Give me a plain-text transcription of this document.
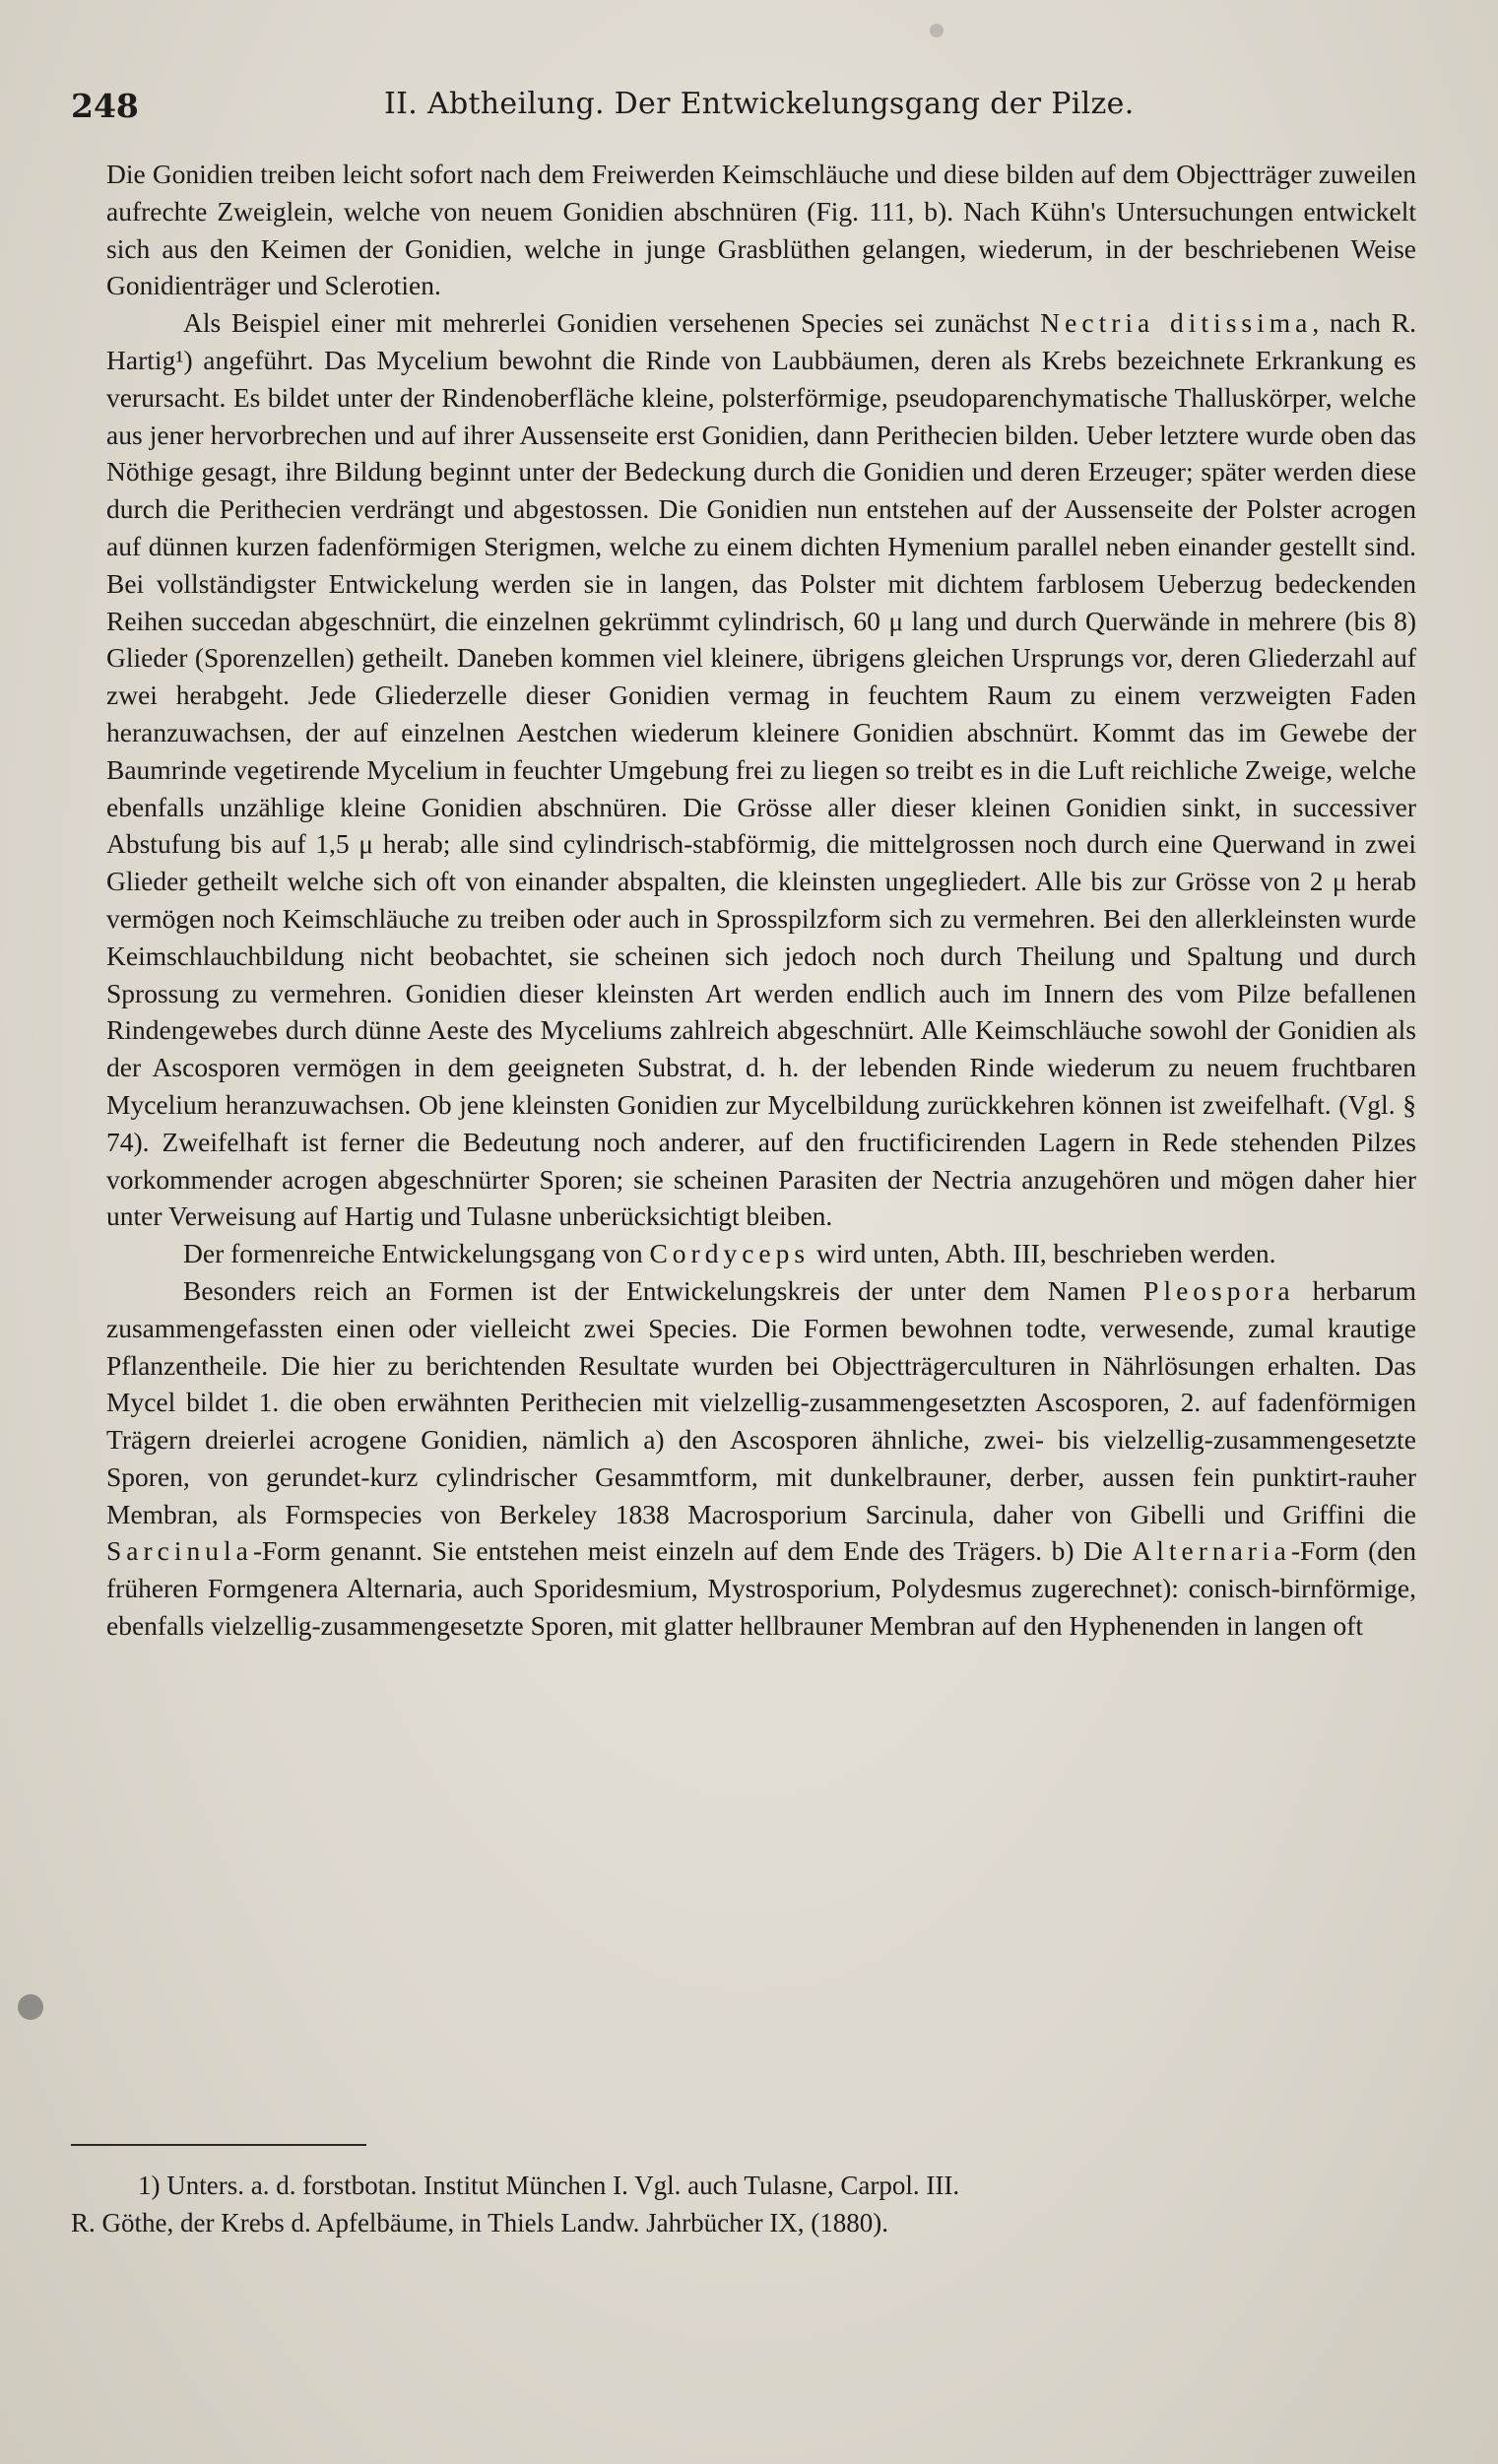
248	II. Abtheilung. Der Entwickelungsgang der Pilze.

Die Gonidien treiben leicht sofort nach dem Freiwerden Keimschläuche und diese bilden auf dem Objectträger zuweilen aufrechte Zweiglein, welche von neuem Gonidien abschnüren (Fig. 111, b). Nach Kühn's Untersuchungen entwickelt sich aus den Keimen der Gonidien, welche in junge Grasblüthen gelangen, wiederum, in der beschriebenen Weise Gonidienträger und Sclerotien.

Als Beispiel einer mit mehrerlei Gonidien versehenen Species sei zunächst Nectria ditissima, nach R. Hartig¹) angeführt. Das Mycelium bewohnt die Rinde von Laubbäumen, deren als Krebs bezeichnete Erkrankung es verursacht. Es bildet unter der Rindenoberfläche kleine, polsterförmige, pseudoparenchymatische Thalluskörper, welche aus jener hervorbrechen und auf ihrer Aussenseite erst Gonidien, dann Perithecien bilden. Ueber letztere wurde oben das Nöthige gesagt, ihre Bildung beginnt unter der Bedeckung durch die Gonidien und deren Erzeuger; später werden diese durch die Perithecien verdrängt und abgestossen. Die Gonidien nun entstehen auf der Aussenseite der Polster acrogen auf dünnen kurzen fadenförmigen Sterigmen, welche zu einem dichten Hymenium parallel neben einander gestellt sind. Bei vollständigster Entwickelung werden sie in langen, das Polster mit dichtem farblosem Ueberzug bedeckenden Reihen succedan abgeschnürt, die einzelnen gekrümmt cylindrisch, 60 μ lang und durch Querwände in mehrere (bis 8) Glieder (Sporenzellen) getheilt. Daneben kommen viel kleinere, übrigens gleichen Ursprungs vor, deren Gliederzahl auf zwei herabgeht. Jede Gliederzelle dieser Gonidien vermag in feuchtem Raum zu einem verzweigten Faden heranzuwachsen, der auf einzelnen Aestchen wiederum kleinere Gonidien abschnürt. Kommt das im Gewebe der Baumrinde vegetirende Mycelium in feuchter Umgebung frei zu liegen so treibt es in die Luft reichliche Zweige, welche ebenfalls unzählige kleine Gonidien abschnüren. Die Grösse aller dieser kleinen Gonidien sinkt, in successiver Abstufung bis auf 1,5 μ herab; alle sind cylindrisch-stabförmig, die mittelgrossen noch durch eine Querwand in zwei Glieder getheilt welche sich oft von einander abspalten, die kleinsten ungegliedert. Alle bis zur Grösse von 2 μ herab vermögen noch Keimschläuche zu treiben oder auch in Sprosspilzform sich zu vermehren. Bei den allerkleinsten wurde Keimschlauchbildung nicht beobachtet, sie scheinen sich jedoch noch durch Theilung und Spaltung und durch Sprossung zu vermehren. Gonidien dieser kleinsten Art werden endlich auch im Innern des vom Pilze befallenen Rindengewebes durch dünne Aeste des Myceliums zahlreich abgeschnürt. Alle Keimschläuche sowohl der Gonidien als der Ascosporen vermögen in dem geeigneten Substrat, d. h. der lebenden Rinde wiederum zu neuem fruchtbaren Mycelium heranzuwachsen. Ob jene kleinsten Gonidien zur Mycelbildung zurückkehren können ist zweifelhaft. (Vgl. § 74). Zweifelhaft ist ferner die Bedeutung noch anderer, auf den fructificirenden Lagern in Rede stehenden Pilzes vorkommender acrogen abgeschnürter Sporen; sie scheinen Parasiten der Nectria anzugehören und mögen daher hier unter Verweisung auf Hartig und Tulasne unberücksichtigt bleiben.

Der formenreiche Entwickelungsgang von Cordyceps wird unten, Abth. III, beschrieben werden.

Besonders reich an Formen ist der Entwickelungskreis der unter dem Namen Pleospora herbarum zusammengefassten einen oder vielleicht zwei Species. Die Formen bewohnen todte, verwesende, zumal krautige Pflanzentheile. Die hier zu berichtenden Resultate wurden bei Objectträgerculturen in Nährlösungen erhalten. Das Mycel bildet 1. die oben erwähnten Perithecien mit vielzellig-zusammengesetzten Ascosporen, 2. auf fadenförmigen Trägern dreierlei acrogene Gonidien, nämlich a) den Ascosporen ähnliche, zwei- bis vielzellig-zusammengesetzte Sporen, von gerundet-kurz cylindrischer Gesammtform, mit dunkelbrauner, derber, aussen fein punktirt-rauher Membran, als Formspecies von Berkeley 1838 Macrosporium Sarcinula, daher von Gibelli und Griffini die Sarcinula-Form genannt. Sie entstehen meist einzeln auf dem Ende des Trägers. b) Die Alternaria-Form (den früheren Formgenera Alternaria, auch Sporidesmium, Mystrosporium, Polydesmus zugerechnet): conisch-birnförmige, ebenfalls vielzellig-zusammengesetzte Sporen, mit glatter hellbrauner Membran auf den Hyphenenden in langen oft

1) Unters. a. d. forstbotan. Institut München I. Vgl. auch Tulasne, Carpol. III.

R. Göthe, der Krebs d. Apfelbäume, in Thiels Landw. Jahrbücher IX, (1880).
